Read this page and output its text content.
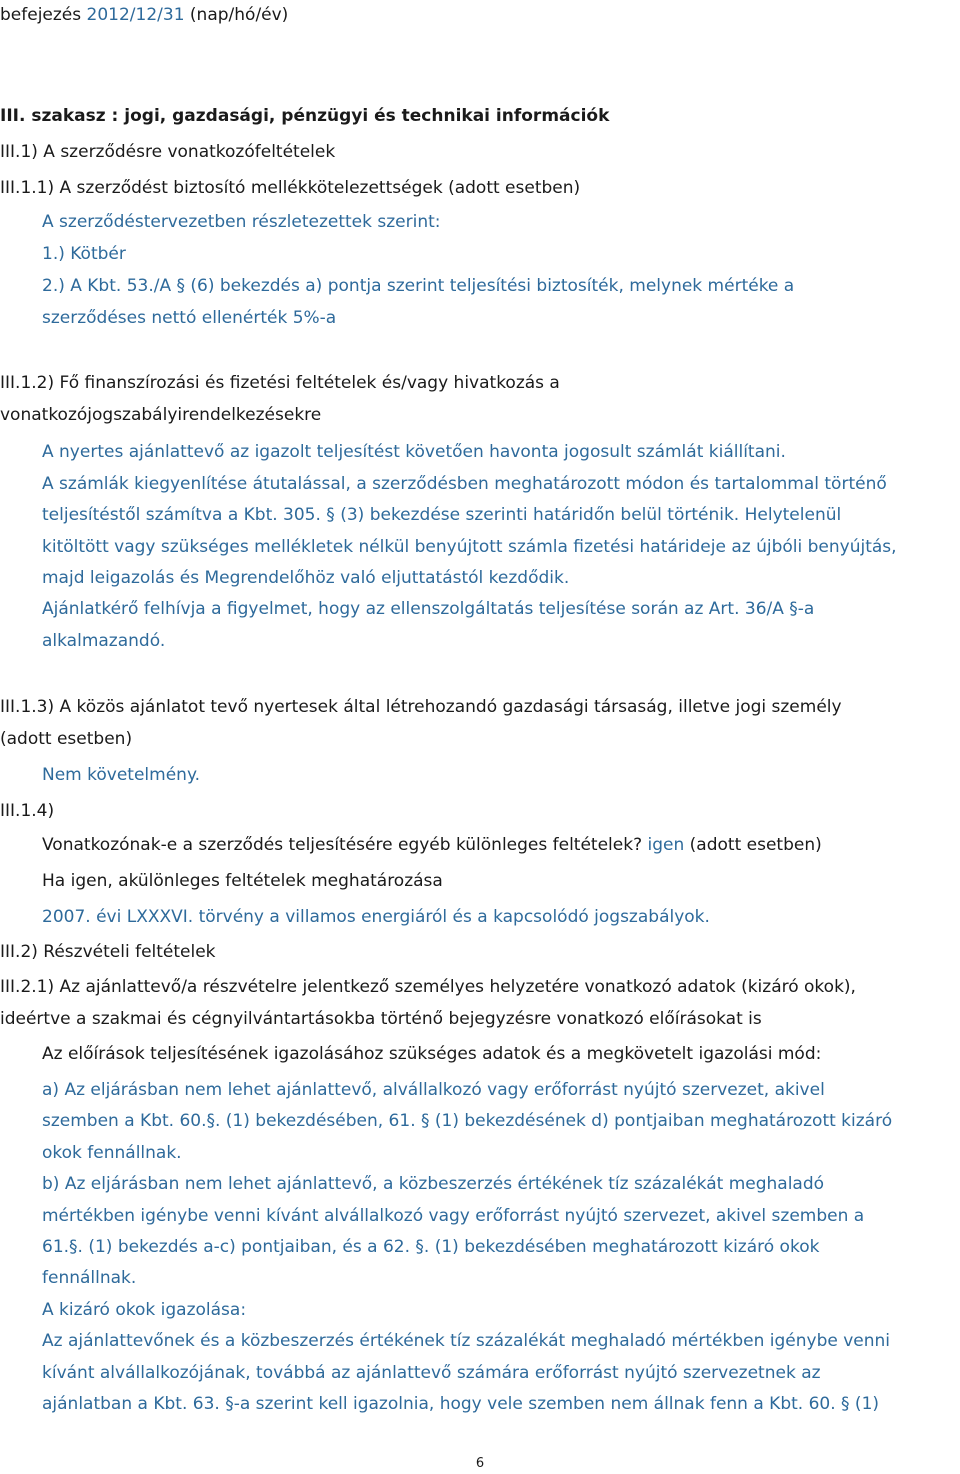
befejezés 2012/12/31 (nap/hó/év)
III. szakasz : jogi, gazdasági, pénzügyi és technikai információk
III.1) A szerződésre vonatkozófeltételek
III.1.1) A szerződést biztosító mellékkötelezettségek (adott esetben)
A szerződéstervezetben részletezettek szerint:
1.) Kötbér
2.) A Kbt. 53./A § (6) bekezdés a) pontja szerint teljesítési biztosíték, melynek mértéke a
szerződéses nettó ellenérték 5%-a
III.1.2) Fő finanszírozási és fizetési feltételek és/vagy hivatkozás a
vonatkozójogszabályirendelkezésekre
A nyertes ajánlattevő az igazolt teljesítést követően havonta jogosult számlát kiállítani.
A számlák kiegyenlítése átutalással, a szerződésben meghatározott módon és tartalommal történő
teljesítéstől számítva a Kbt. 305. § (3) bekezdése szerinti határidőn belül történik. Helytelenül
kitöltött vagy szükséges mellékletek nélkül benyújtott számla fizetési határideje az újbóli benyújtás,
majd leigazolás és Megrendelőhöz való eljuttatástól kezdődik.
Ajánlatkérő felhívja a figyelmet, hogy az ellenszolgáltatás teljesítése során az Art. 36/A §-a
alkalmazandó.
III.1.3) A közös ajánlatot tevő nyertesek által létrehozandó gazdasági társaság, illetve jogi személy
(adott esetben)
Nem követelmény.
III.1.4)
Vonatkozónak-e a szerződés teljesítésére egyéb különleges feltételek? igen (adott esetben)
Ha igen, akülönleges feltételek meghatározása
2007. évi LXXXVI. törvény a villamos energiáról és a kapcsolódó jogszabályok.
III.2) Részvételi feltételek
III.2.1) Az ajánlattevő/a részvételre jelentkező személyes helyzetére vonatkozó adatok (kizáró okok),
ideértve a szakmai és cégnyilvántartásokba történő bejegyzésre vonatkozó előírásokat is
Az előírások teljesítésének igazolásához szükséges adatok és a megkövetelt igazolási mód:
a) Az eljárásban nem lehet ajánlattevő, alvállalkozó vagy erőforrást nyújtó szervezet, akivel
szemben a Kbt. 60.§. (1) bekezdésében, 61. § (1) bekezdésének d) pontjaiban meghatározott kizáró
okok fennállnak.
b) Az eljárásban nem lehet ajánlattevő, a közbeszerzés értékének tíz százalékát meghaladó
mértékben igénybe venni kívánt alvállalkozó vagy erőforrást nyújtó szervezet, akivel szemben a
61.§. (1) bekezdés a-c) pontjaiban, és a 62. §. (1) bekezdésében meghatározott kizáró okok
fennállnak.
A kizáró okok igazolása:
Az ajánlattevőnek és a közbeszerzés értékének tíz százalékát meghaladó mértékben igénybe venni
kívánt alvállalkozójának, továbbá az ajánlattevő számára erőforrást nyújtó szervezetnek az
ajánlatban a Kbt. 63. §-a szerint kell igazolnia, hogy vele szemben nem állnak fenn a Kbt. 60. § (1)
6
